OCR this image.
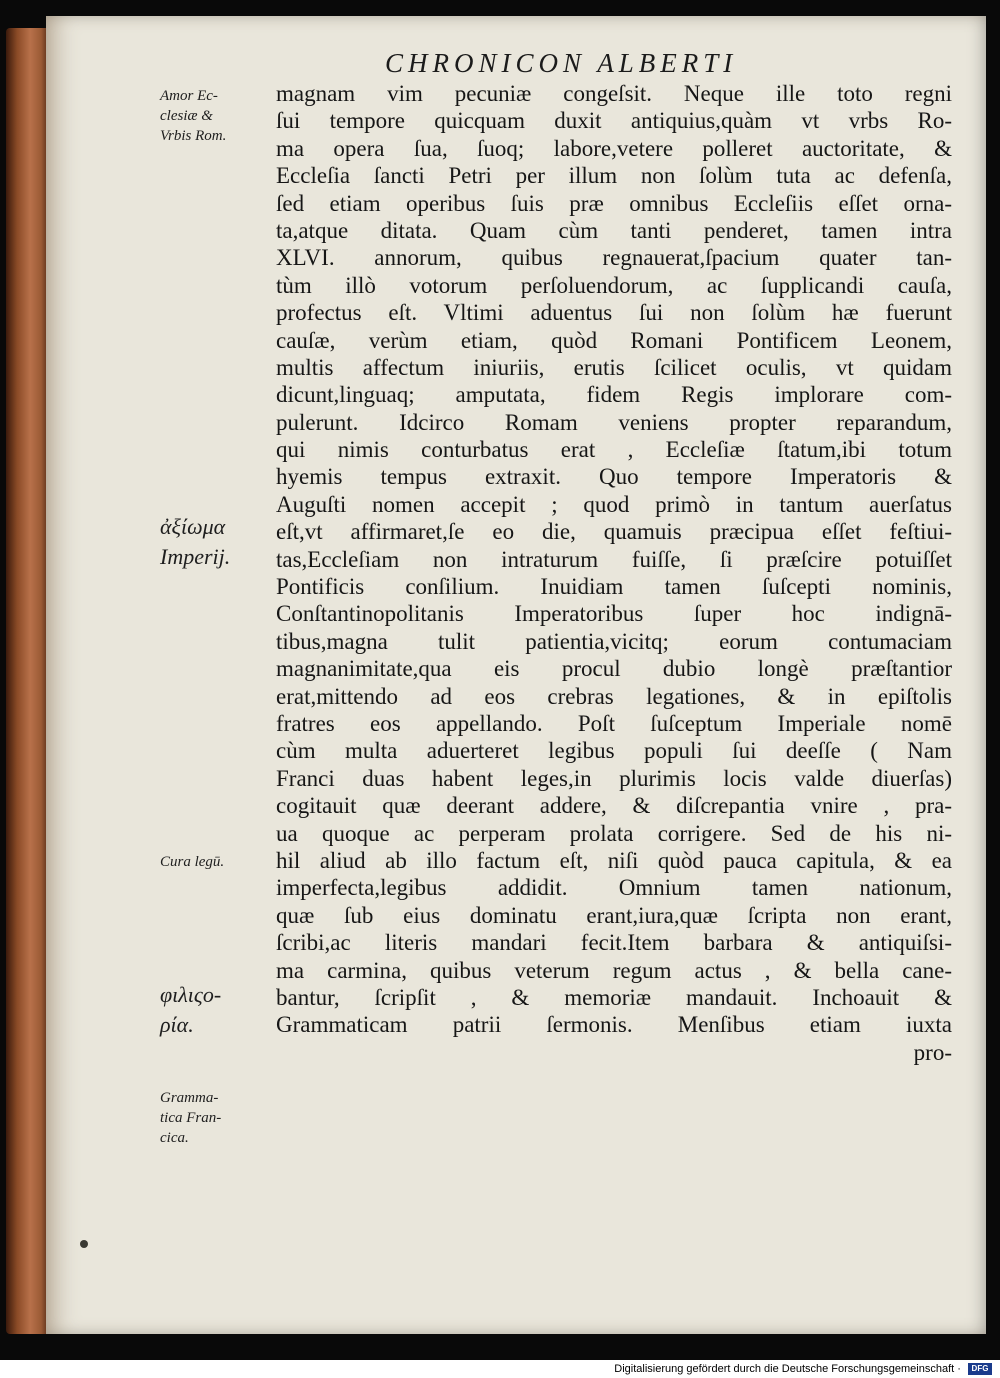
CHRONICON ALBERTI
Amor Ec-
clesiæ &
Vrbis Rom.
ἀξίωμα
Imperij.
Cura legū.
φιλιςο-
ρία.
Gramma-
tica Fran-
cica.
magnam vim pecuniæ congeſsit. Neque ille toto regni
ſui tempore quicquam duxit antiquius,quàm vt vrbs Ro-
ma opera ſua, ſuoq; labore,vetere polleret auctoritate, &
Eccleſia ſancti Petri per illum non ſolùm tuta ac defenſa,
ſed etiam operibus ſuis præ omnibus Eccleſiis eſſet orna-
ta,atque ditata. Quam cùm tanti penderet, tamen intra
XLVI. annorum, quibus regnauerat,ſpacium quater tan-
tùm illò votorum perſoluendorum, ac ſupplicandi cauſa,
profectus eſt. Vltimi aduentus ſui non ſolùm hæ fuerunt
cauſæ, verùm etiam, quòd Romani Pontificem Leonem,
multis affectum iniuriis, erutis ſcilicet oculis, vt quidam
dicunt,linguaq; amputata, fidem Regis implorare com-
pulerunt. Idcirco Romam veniens propter reparandum,
qui nimis conturbatus erat , Eccleſiæ ſtatum,ibi totum
hyemis tempus extraxit. Quo tempore Imperatoris &
Auguſti nomen accepit ; quod primò in tantum auerſatus
eſt,vt affirmaret,ſe eo die, quamuis præcipua eſſet feſtiui-
tas,Eccleſiam non intraturum fuiſſe, ſi præſcire potuiſſet
Pontificis conſilium. Inuidiam tamen ſuſcepti nominis,
Conſtantinopolitanis Imperatoribus ſuper hoc indignā-
tibus,magna tulit patientia,vicitq; eorum contumaciam
magnanimitate,qua eis procul dubio longè præſtantior
erat,mittendo ad eos crebras legationes, & in epiſtolis
fratres eos appellando. Poſt ſuſceptum Imperiale nomē
cùm multa aduerteret legibus populi ſui deeſſe ( Nam
Franci duas habent leges,in plurimis locis valde diuerſas)
cogitauit quæ deerant addere, & diſcrepantia vnire , pra-
ua quoque ac perperam prolata corrigere. Sed de his ni-
hil aliud ab illo factum eſt, niſi quòd pauca capitula, & ea
imperfecta,legibus addidit. Omnium tamen nationum,
quæ ſub eius dominatu erant,iura,quæ ſcripta non erant,
ſcribi,ac literis mandari fecit.Item barbara & antiquiſsi-
ma carmina, quibus veterum regum actus , & bella cane-
bantur, ſcripſit , & memoriæ mandauit. Inchoauit &
Grammaticam patrii ſermonis. Menſibus etiam iuxta
pro-
Digitalisierung gefördert durch die Deutsche Forschungsgemeinschaft · DFG
